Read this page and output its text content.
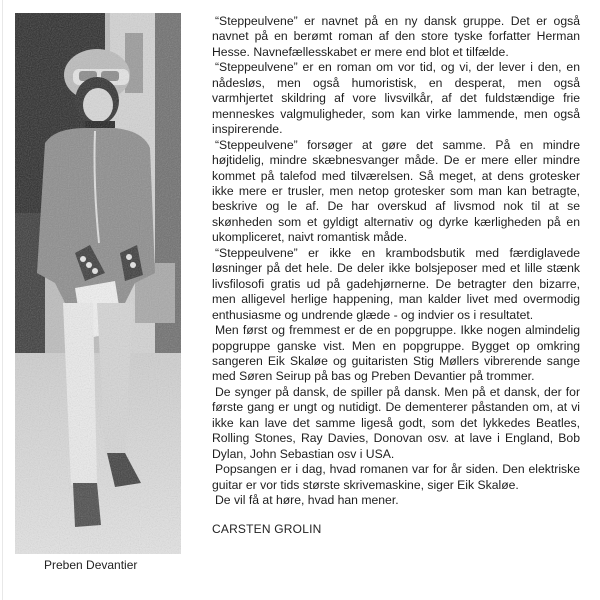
Preben Devantier

“Steppeulvene” er navnet på en ny dansk gruppe. Det er også navnet på en berømt roman af den store tyske forfatter Herman Hesse. Navnefællesskabet er mere end blot et tilfælde.

“Steppeulvene” er en roman om vor tid, og vi, der lever i den, en nådesløs, men også humoristisk, en desperat, men også varmhjertet skildring af vore livsvilkår, af det fuldstændige frie menneskes valgmuligheder, som kan virke lammende, men også inspirerende.

“Steppeulvene” forsøger at gøre det samme. På en mindre højtidelig, mindre skæbnesvanger måde. De er mere eller mindre kommet på talefod med tilværelsen. Så meget, at dens grotesker ikke mere er trusler, men netop grotesker som man kan betragte, beskrive og le af. De har overskud af livsmod nok til at se skønheden som et gyldigt alternativ og dyrke kærligheden på en ukompliceret, naivt romantisk måde.

“Steppeulvene” er ikke en krambodsbutik med færdiglavede løsninger på det hele. De deler ikke bolsjeposer med et lille stænk livsfilosofi gratis ud på gadehjørnerne. De betragter den bizarre, men alligevel herlige happening, man kalder livet med overmodig enthusiasme og undrende glæde - og indvier os i resultatet.

Men først og fremmest er de en popgruppe. Ikke nogen almindelig popgruppe ganske vist. Men en popgruppe. Bygget op omkring sangeren Eik Skaløe og guitaristen Stig Møllers vibrerende sange med Søren Seirup på bas og Preben Devantier på trommer.

De synger på dansk, de spiller på dansk. Men på et dansk, der for første gang er ungt og nutidigt. De dementerer påstanden om, at vi ikke kan lave det samme ligeså godt, som det lykkedes Beatles, Rolling Stones, Ray Davies, Donovan osv. at lave i England, Bob Dylan, John Sebastian osv i USA.

Popsangen er i dag, hvad romanen var for år siden. Den elektriske guitar er vor tids største skrivemaskine, siger Eik Skaløe.

De vil få at høre, hvad han mener.

CARSTEN GROLIN
